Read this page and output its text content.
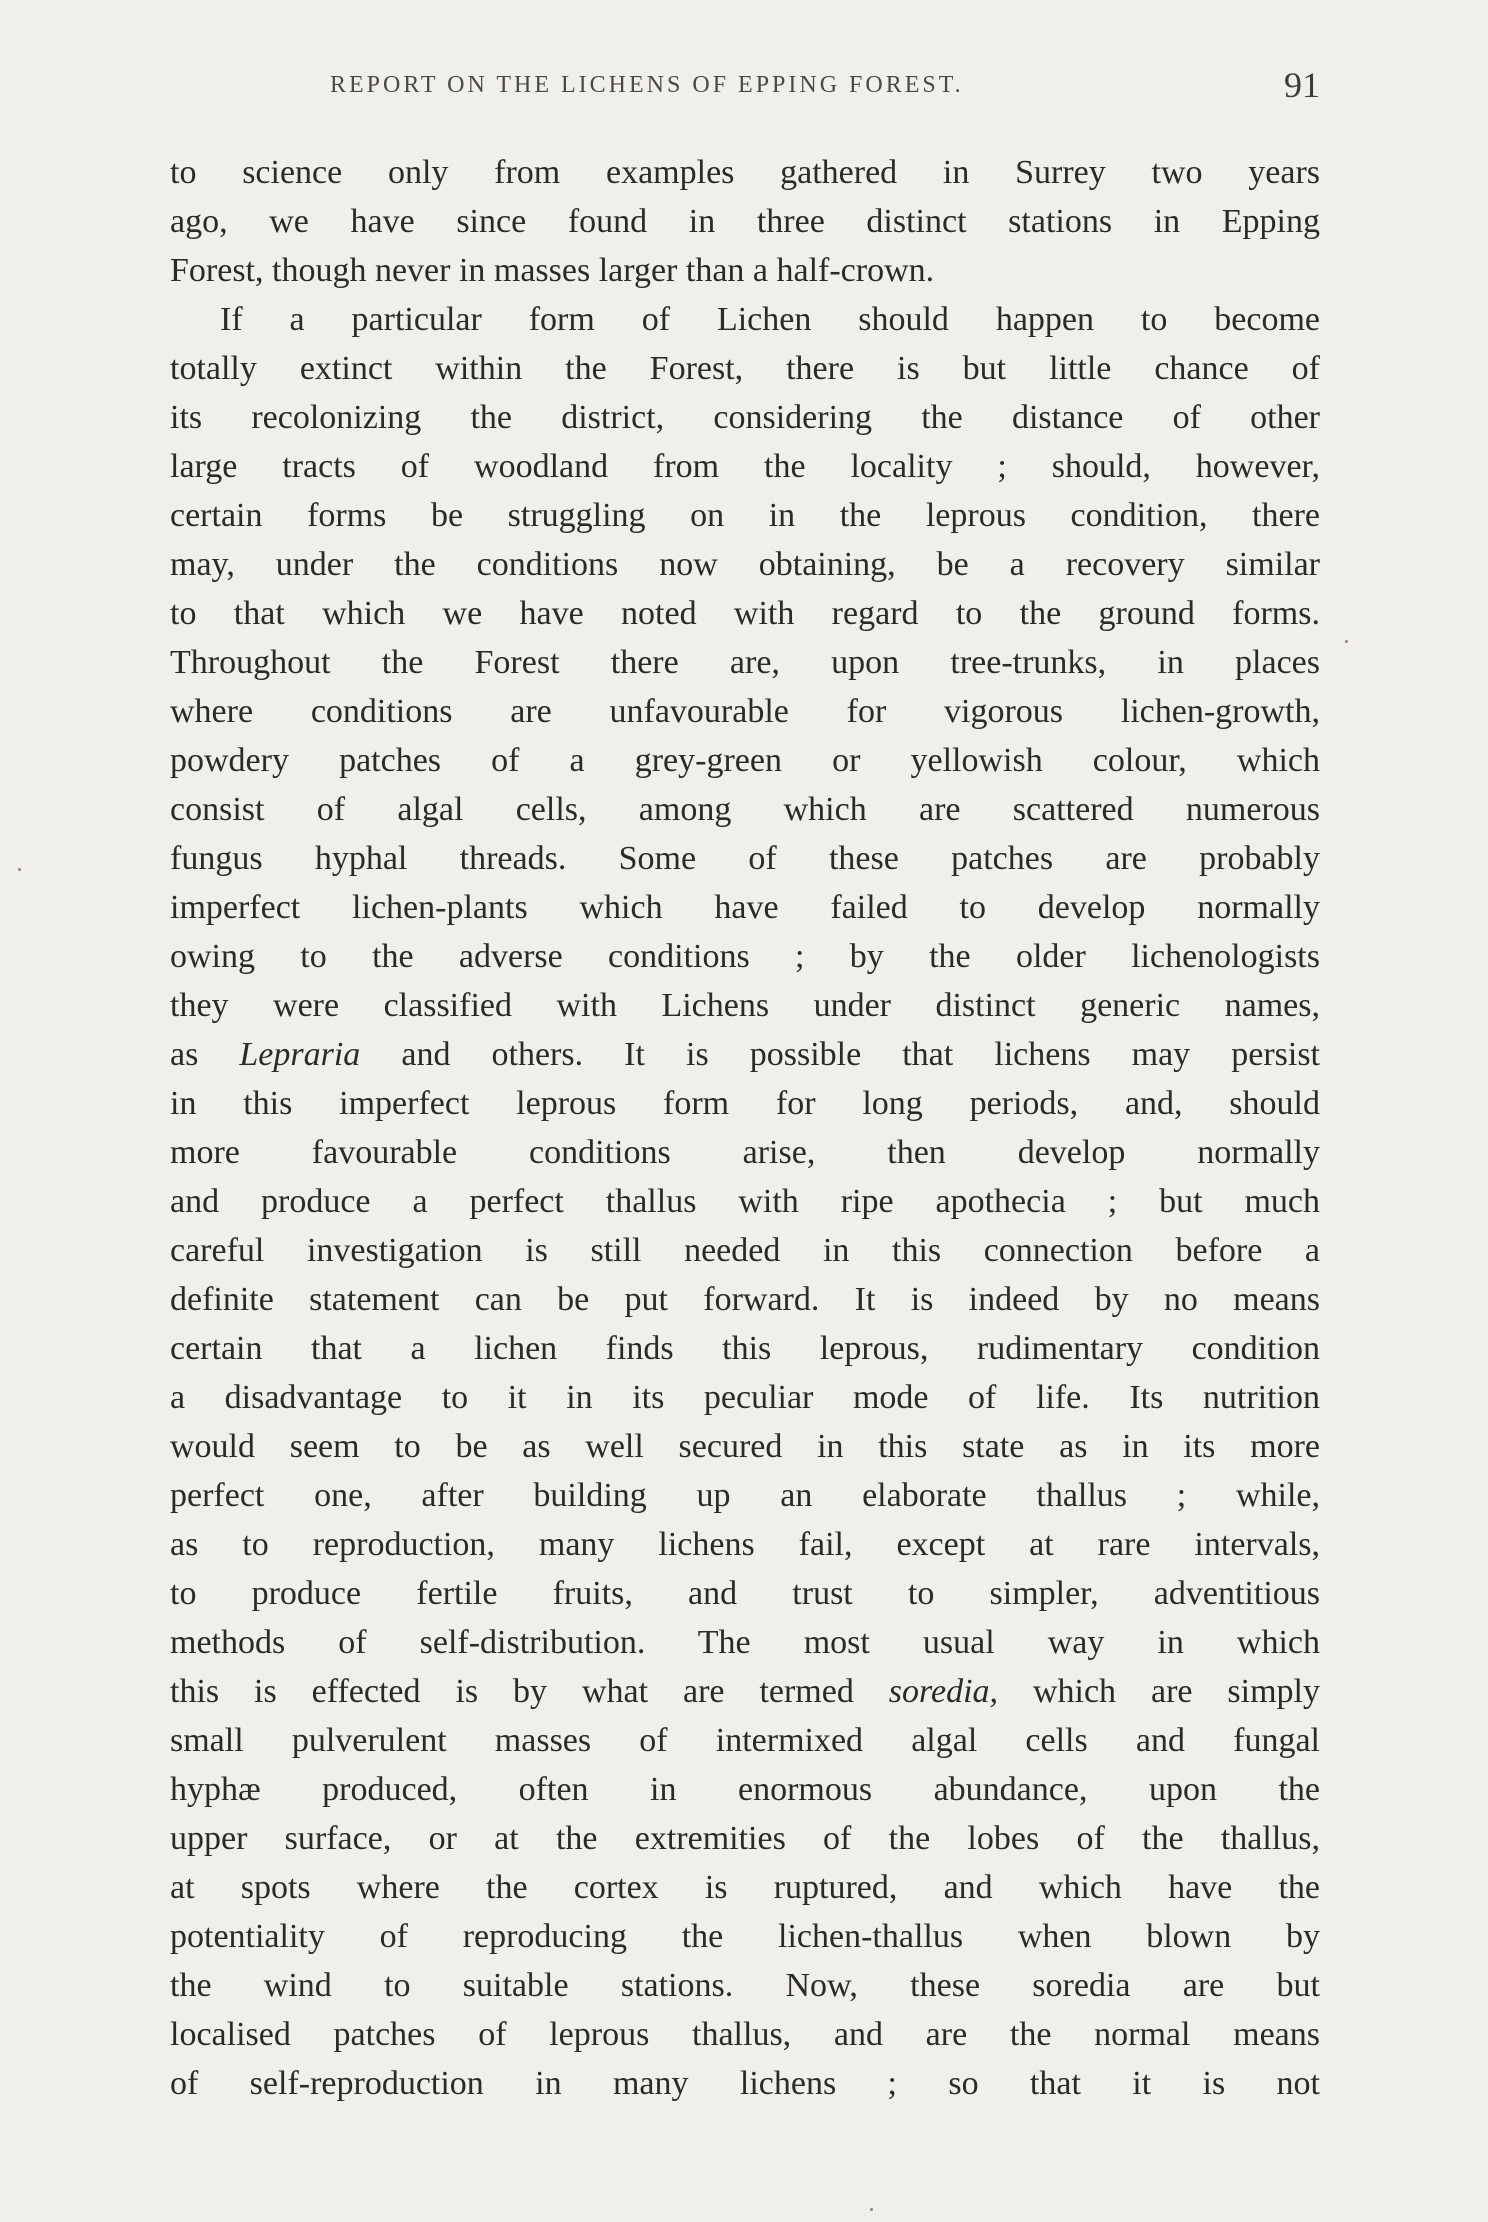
REPORT ON THE LICHENS OF EPPING FOREST.	91
to science only from examples gathered in Surrey two years
ago, we have since found in three distinct stations in Epping
Forest, though never in masses larger than a half-crown.
If a particular form of Lichen should happen to become
totally extinct within the Forest, there is but little chance of
its recolonizing the district, considering the distance of other
large tracts of woodland from the locality ; should, however,
certain forms be struggling on in the leprous condition, there
may, under the conditions now obtaining, be a recovery similar
to that which we have noted with regard to the ground forms.
Throughout the Forest there are, upon tree-trunks, in places
where conditions are unfavourable for vigorous lichen-growth,
powdery patches of a grey-green or yellowish colour, which
consist of algal cells, among which are scattered numerous
fungus hyphal threads. Some of these patches are probably
imperfect lichen-plants which have failed to develop normally
owing to the adverse conditions ; by the older lichenologists
they were classified with Lichens under distinct generic names,
as Lepraria and others. It is possible that lichens may persist
in this imperfect leprous form for long periods, and, should
more favourable conditions arise, then develop normally
and produce a perfect thallus with ripe apothecia ; but much
careful investigation is still needed in this connection before a
definite statement can be put forward. It is indeed by no means
certain that a lichen finds this leprous, rudimentary condition
a disadvantage to it in its peculiar mode of life. Its nutrition
would seem to be as well secured in this state as in its more
perfect one, after building up an elaborate thallus ; while,
as to reproduction, many lichens fail, except at rare intervals,
to produce fertile fruits, and trust to simpler, adventitious
methods of self-distribution. The most usual way in which
this is effected is by what are termed soredia, which are simply
small pulverulent masses of intermixed algal cells and fungal
hyphæ produced, often in enormous abundance, upon the
upper surface, or at the extremities of the lobes of the thallus,
at spots where the cortex is ruptured, and which have the
potentiality of reproducing the lichen-thallus when blown by
the wind to suitable stations. Now, these soredia are but
localised patches of leprous thallus, and are the normal means
of self-reproduction in many lichens ; so that it is not
